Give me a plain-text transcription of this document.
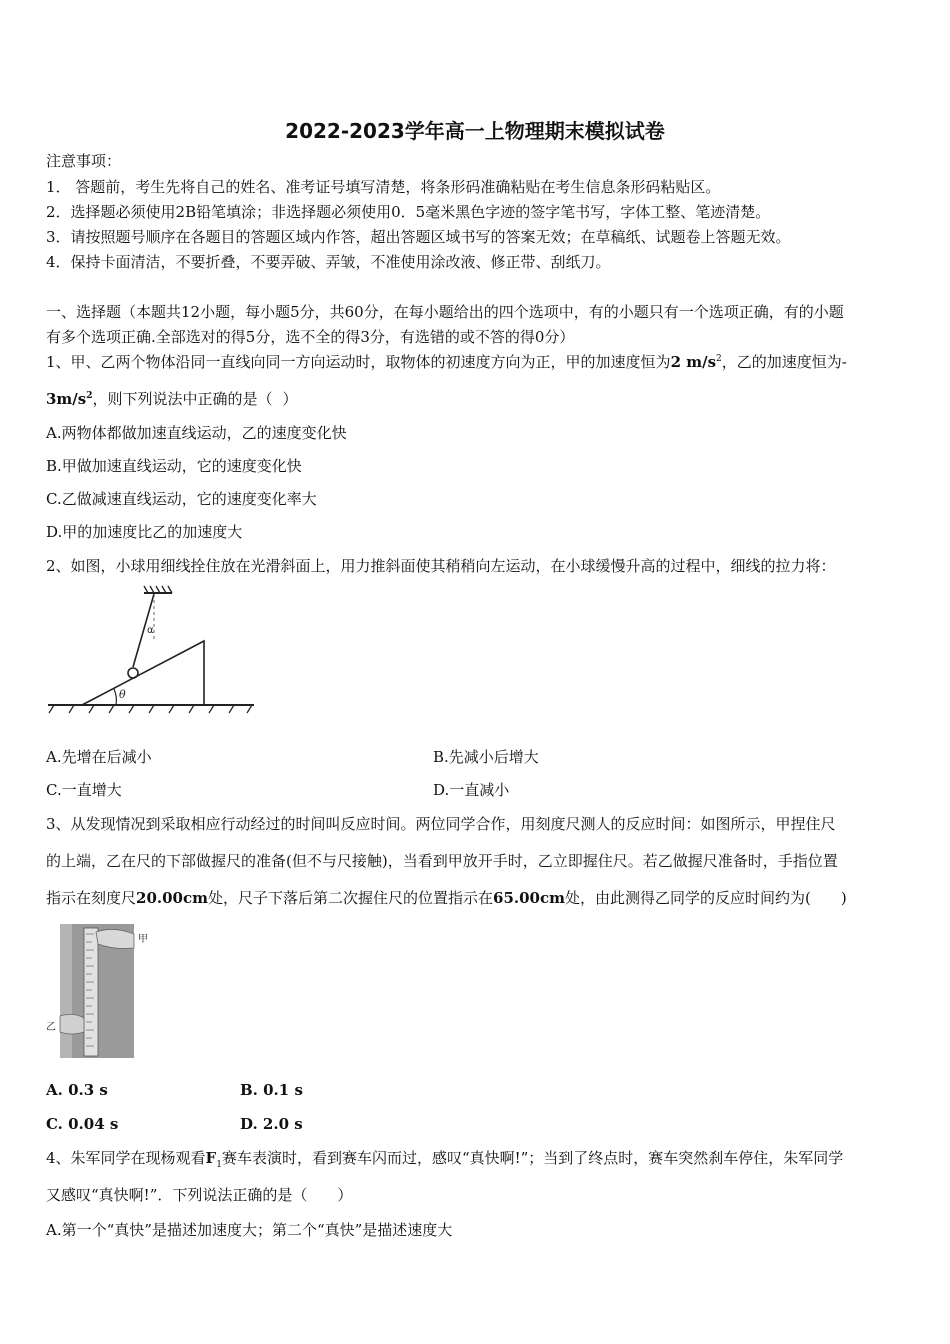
2022-2023学年高一上物理期末模拟试卷
注意事项：
1． 答题前，考生先将自己的姓名、准考证号填写清楚，将条形码准确粘贴在考生信息条形码粘贴区。
2．选择题必须使用2B铅笔填涂；非选择题必须使用0．5毫米黑色字迹的签字笔书写，字体工整、笔迹清楚。
3．请按照题号顺序在各题目的答题区域内作答，超出答题区域书写的答案无效；在草稿纸、试题卷上答题无效。
4．保持卡面清洁，不要折叠，不要弄破、弄皱，不准使用涂改液、修正带、刮纸刀。
一、选择题（本题共12小题，每小题5分，共60分，在每小题给出的四个选项中，有的小题只有一个选项正确，有的小题
有多个选项正确.全部选对的得5分，选不全的得3分，有选错的或不答的得0分）
1、甲、乙两个物体沿同一直线向同一方向运动时，取物体的初速度方向为正，甲的加速度恒为2 $m/s^2$，乙的加速度恒为-
$3m/s^2$，则下列说法中正确的是（ ）
A.两物体都做加速直线运动，乙的速度变化快
B.甲做加速直线运动，它的速度变化快
C.乙做减速直线运动，它的速度变化率大
D.甲的加速度比乙的加速度大
2、如图，小球用细线拴住放在光滑斜面上，用力推斜面使其稍稍向左运动，在小球缓慢升高的过程中，细线的拉力将：
α
θ
A.先增在后减小	B.先减小后增大
C.一直增大	D.一直减小
3、从发现情况到采取相应行动经过的时间叫反应时间。两位同学合作，用刻度尺测人的反应时间：如图所示，甲捏住尺
的上端，乙在尺的下部做握尺的准备(但不与尺接触)，当看到甲放开手时，乙立即握住尺。若乙做握尺准备时，手指位置
指示在刻度尺20.00cm处，尺子下落后第二次握住尺的位置指示在65.00cm处，由此测得乙同学的反应时间约为(　　)
甲
乙
A. 0.3 s	B. 0.1 s
C. 0.04 s	D. 2.0 s
4、朱军同学在现杨观看$F_1$赛车表演时，看到赛车闪而过，感叹“真快啊!”；当到了终点时，赛车突然刹车停住，朱军同学
又感叹“真快啊!”．下列说法正确的是（　　）
A.第一个“真快”是描述加速度大；第二个“真快”是描述速度大
